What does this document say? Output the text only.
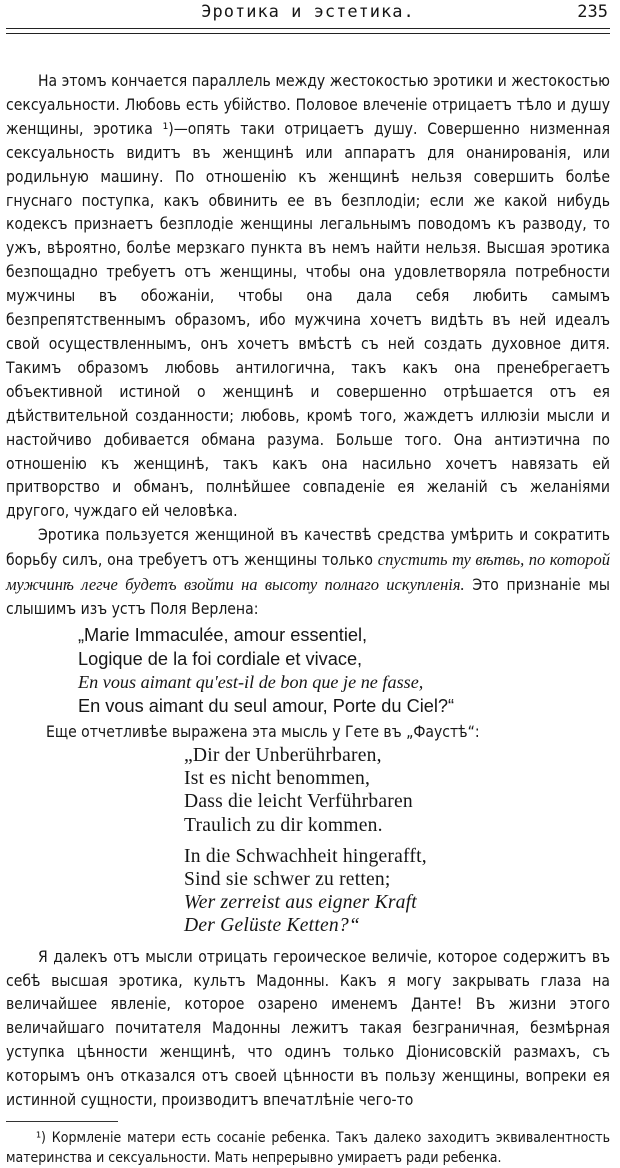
Эротика и эстетика.	235

На этомъ кончается параллель между жестокостью эротики и жестокостью сексуальности. Любовь есть убійство. Половое влеченіе отрицаетъ тѣло и душу женщины, эротика ¹)—опять таки отрицаетъ душу. Совершенно низменная сексуальность видитъ въ женщинѣ или аппаратъ для онанированія, или родильную машину. По отношенію къ женщинѣ нельзя совершить болѣе гнуснаго поступка, какъ обвинить ее въ безплодіи; если же какой нибудь кодексъ признаетъ безплодіе женщины легальнымъ поводомъ къ разводу, то ужъ, вѣроятно, болѣе мерзкаго пункта въ немъ найти нельзя. Высшая эротика безпощадно требуетъ отъ женщины, чтобы она удовлетворяла потребности мужчины въ обожаніи, чтобы она дала себя любить самымъ безпрепятственнымъ образомъ, ибо мужчина хочетъ видѣть въ ней идеалъ свой осуществленнымъ, онъ хочетъ вмѣстѣ съ ней создать духовное дитя. Такимъ образомъ любовь антилогична, такъ какъ она пренебрегаетъ объективной истиной о женщинѣ и совершенно отрѣшается отъ ея дѣйствительной созданности; любовь, кромѣ того, жаждетъ иллюзіи мысли и настойчиво добивается обмана разума. Больше того. Она антиэтична по отношенію къ женщинѣ, такъ какъ она насильно хочетъ навязать ей притворство и обманъ, полнѣйшее совпаденіе ея желаній съ желаніями другого, чуждаго ей человѣка.

Эротика пользуется женщиной въ качествѣ средства умѣрить и сократить борьбу силъ, она требуетъ отъ женщины только спустить ту вѣтвь, по которой мужчинѣ легче будетъ взойти на высоту полнаго искупленія. Это признаніе мы слышимъ изъ устъ Поля Верлена:

„Marie Immaculée, amour essentiel,
Logique de la foi cordiale et vivace,
En vous aimant qu'est-il de bon que je ne fasse,
En vous aimant du seul amour, Porte du Ciel?“

Еще отчетливѣе выражена эта мысль у Гете въ „Фаустѣ“:

„Dir der Unberührbaren,
Ist es nicht benommen,
Dass die leicht Verführbaren
Traulich zu dir kommen.
In die Schwachheit hingerafft,
Sind sie schwer zu retten;
Wer zerreist aus eigner Kraft
Der Gelüste Ketten?“

Я далекъ отъ мысли отрицать героическое величіе, которое содержитъ въ себѣ высшая эротика, культъ Мадонны. Какъ я могу закрывать глаза на величайшее явленіе, которое озарено именемъ Данте! Въ жизни этого величайшаго почитателя Мадонны лежитъ такая безграничная, безмѣрная уступка цѣнности женщинѣ, что одинъ только Діонисовскій размахъ, съ которымъ онъ отказался отъ своей цѣнности въ пользу женщины, вопреки ея истинной сущности, производитъ впечатлѣніе чего-то

¹) Кормленіе матери есть сосаніе ребенка. Такъ далеко заходитъ эквивалентность материнства и сексуальности. Мать непрерывно умираетъ ради ребенка.
